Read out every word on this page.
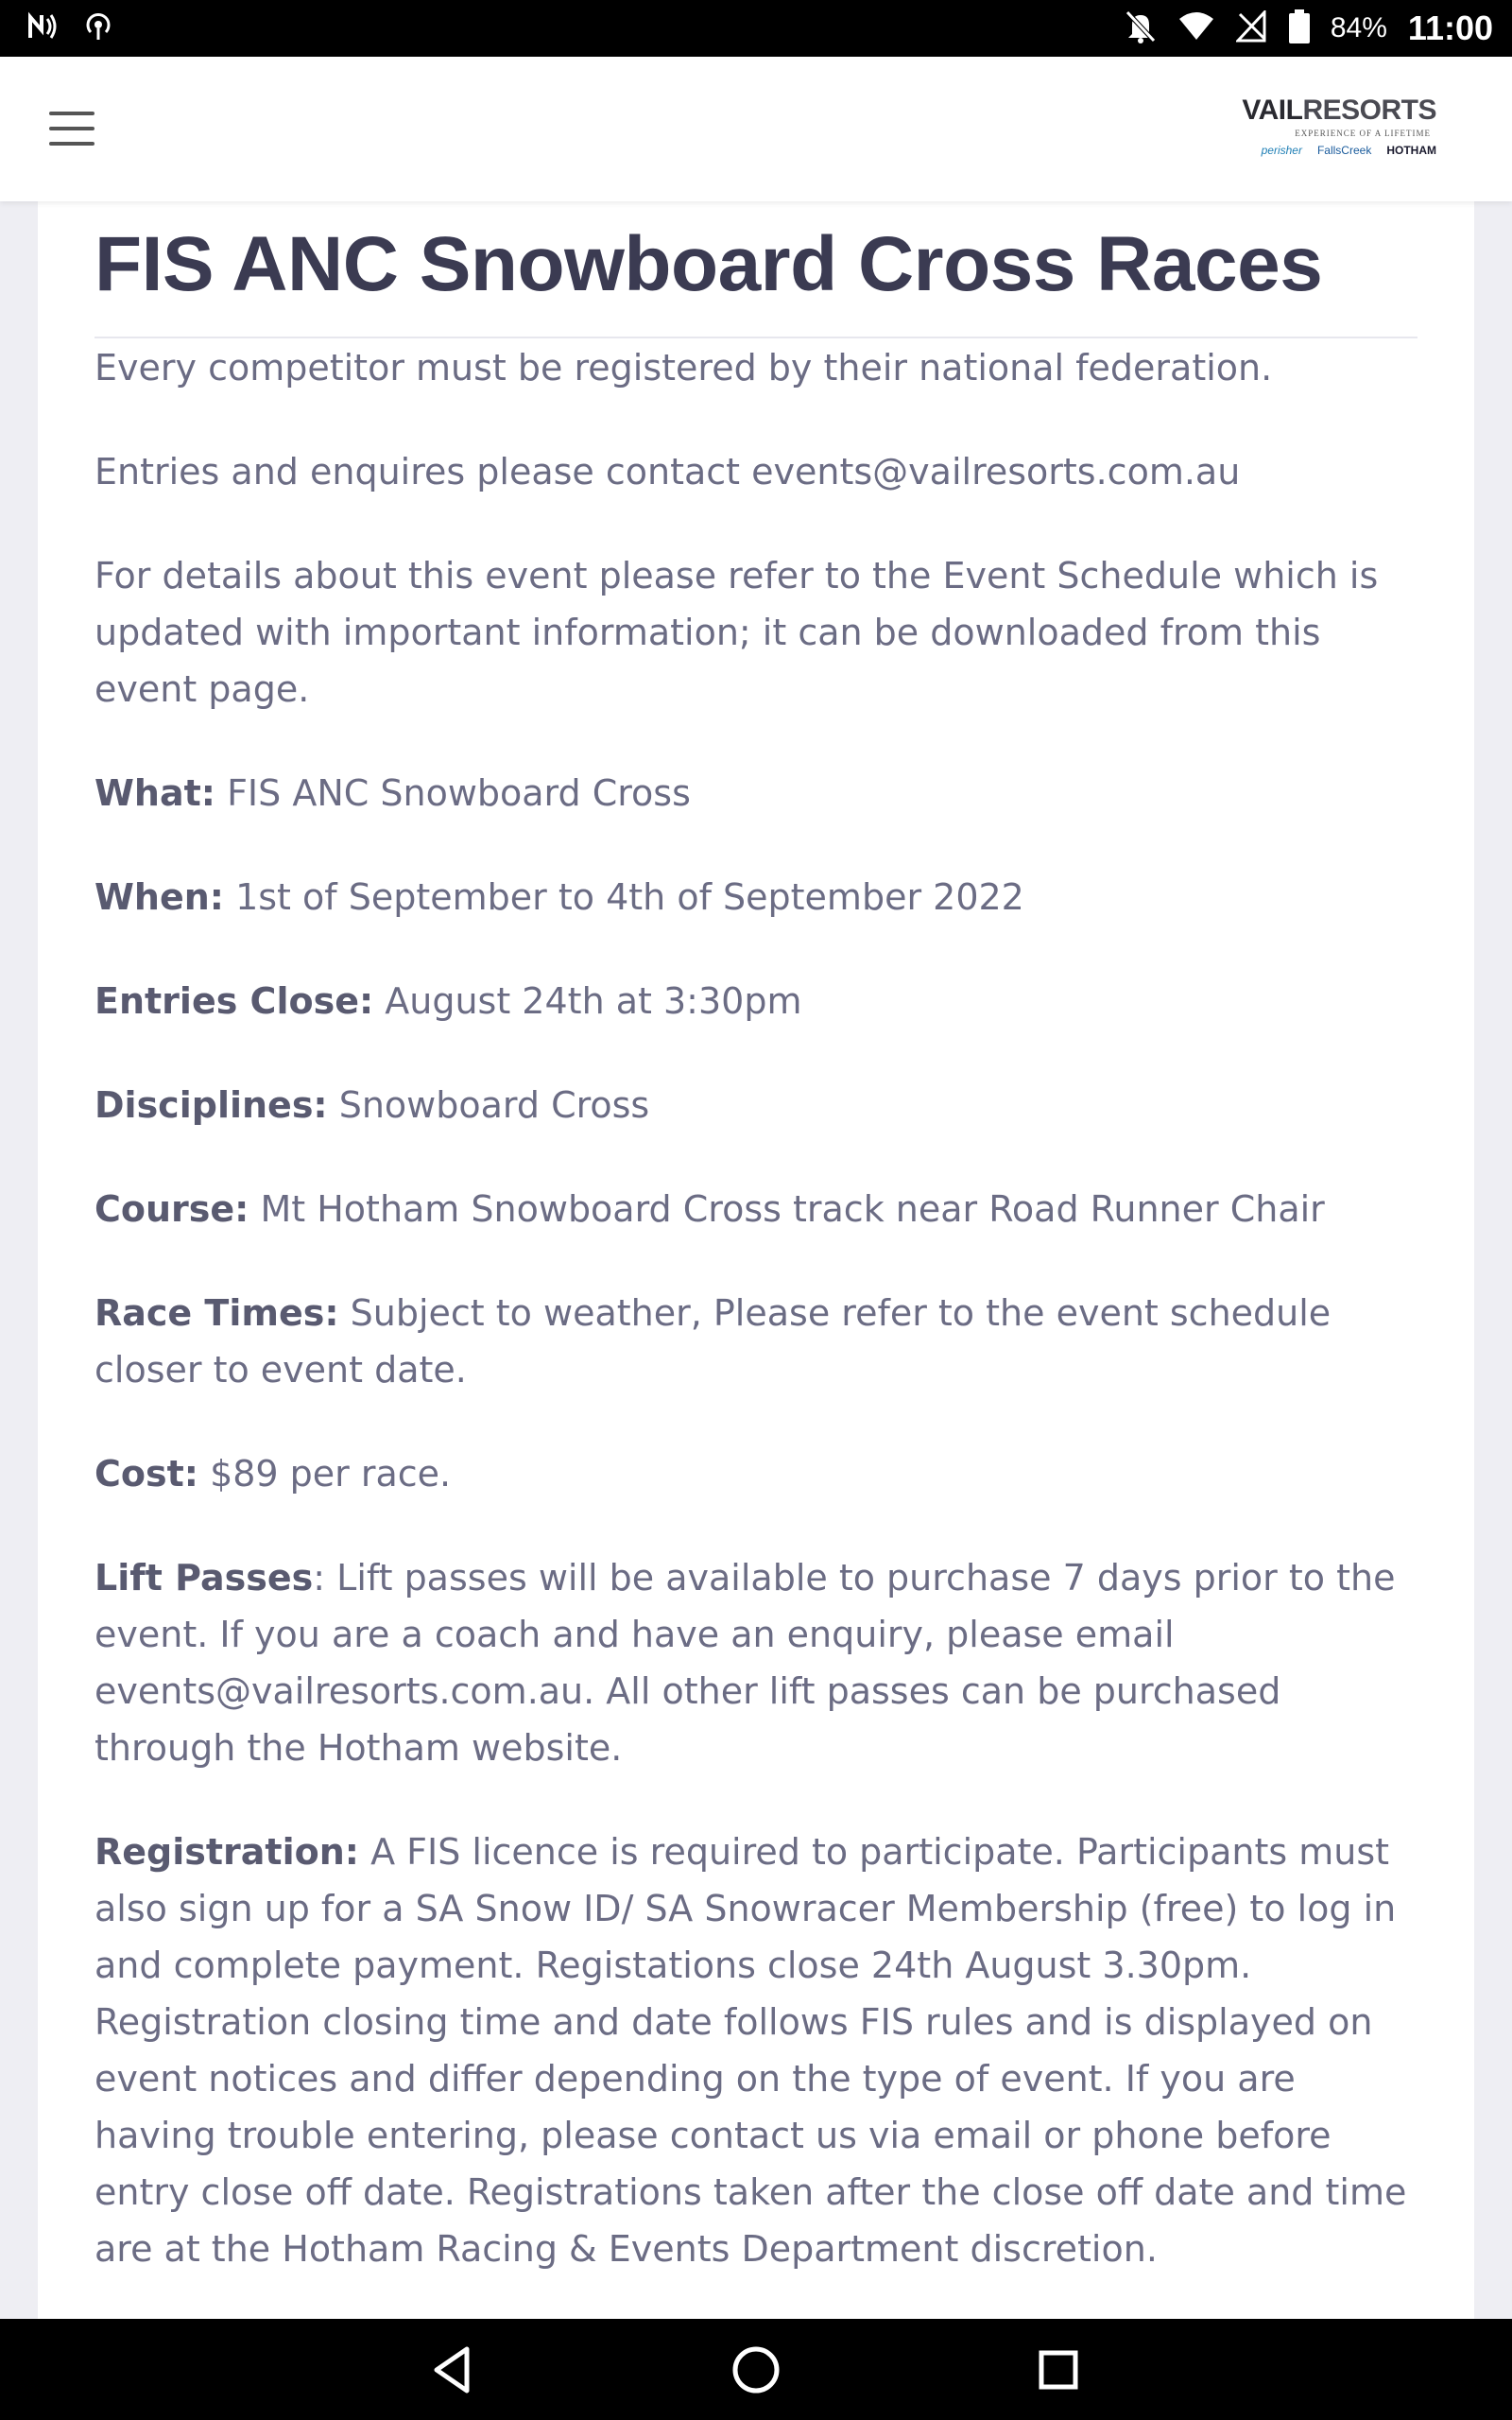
84% 11:00
VAILRESORTS
EXPERIENCE OF A LIFETIME
perisher FallsCreek HOTHAM
FIS ANC Snowboard Cross Races

Every competitor must be registered by their national federation.

Entries and enquires please contact events@vailresorts.com.au

For details about this event please refer to the Event Schedule which is updated with important information; it can be downloaded from this event page.

What: FIS ANC Snowboard Cross

When: 1st of September to 4th of September 2022

Entries Close: August 24th at 3:30pm

Disciplines: Snowboard Cross

Course: Mt Hotham Snowboard Cross track near Road Runner Chair

Race Times: Subject to weather, Please refer to the event schedule closer to event date.

Cost: $89 per race.

Lift Passes: Lift passes will be available to purchase 7 days prior to the event. If you are a coach and have an enquiry, please email events@vailresorts.com.au. All other lift passes can be purchased through the Hotham website.

Registration: A FIS licence is required to participate. Participants must also sign up for a SA Snow ID/ SA Snowracer Membership (free) to log in and complete payment. Registations close 24th August 3.30pm. Registration closing time and date follows FIS rules and is displayed on event notices and differ depending on the type of event. If you are having trouble entering, please contact us via email or phone before entry close off date. Registrations taken after the close off date and time are at the Hotham Racing & Events Department discretion.
